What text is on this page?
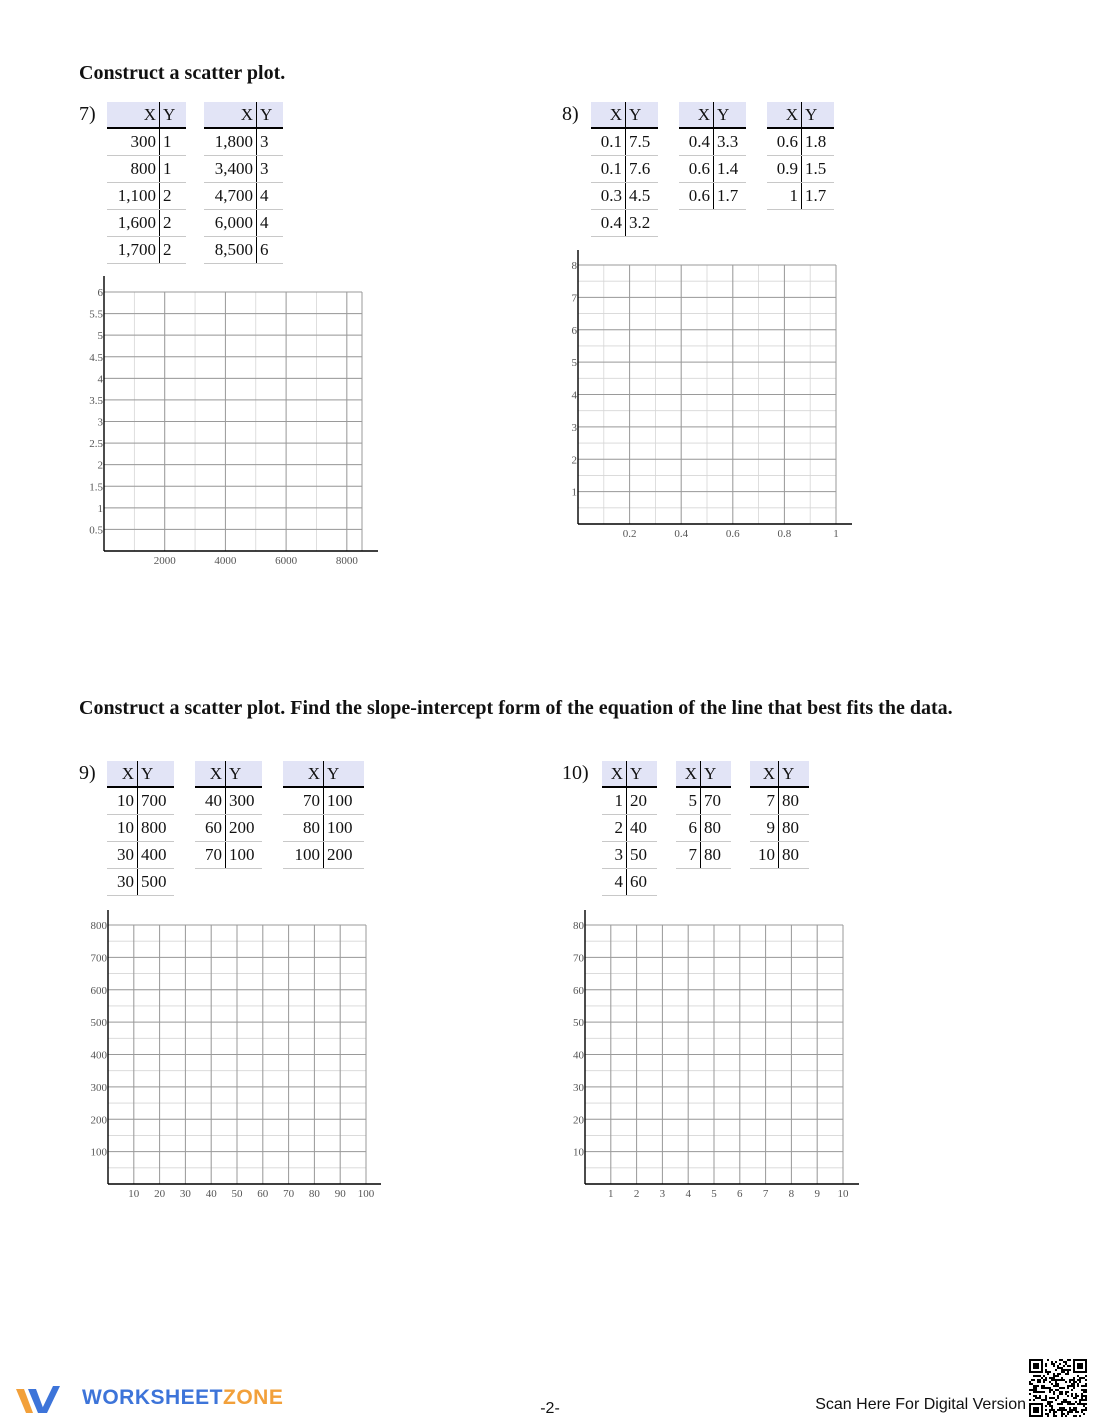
Construct a scatter plot.
Construct a scatter plot. Find the slope-intercept form of the equation of the line that best fits the data.
7)	8)
9)	10)
X	Y
300	1
800	1
1,100	2
1,600	2
1,700	2
X	Y
1,800	3
3,400	3
4,700	4
6,000	4
8,500	6
X	Y
0.1	7.5
0.1	7.6
0.3	4.5
0.4	3.2
X	Y
0.4	3.3
0.6	1.4
0.6	1.7
X	Y
0.6	1.8
0.9	1.5
1	1.7
X	Y
10	700
10	800
30	400
30	500
X	Y
40	300
60	200
70	100
X	Y
70	100
80	100
100	200
X	Y
1	20
2	40
3	50
4	60
X	Y
5	70
6	80
7	80
X	Y
7	80
9	80
10	80
2000	4000	6000	8000
0.5
1
1.5
2
2.5
3
3.5
4
4.5
5
5.5
6
0.2	0.4	0.6	0.8	1
1
2
3
4
5
6
7
8
10 20 30 40 50 60 70 80 90 100
100
200
300
400
500
600
700
800
1 2 3 4 5 6 7 8 9 10
10
20
30
40
50
60
70
80
WORKSHEETZONE	-2-	Scan Here For Digital Version
